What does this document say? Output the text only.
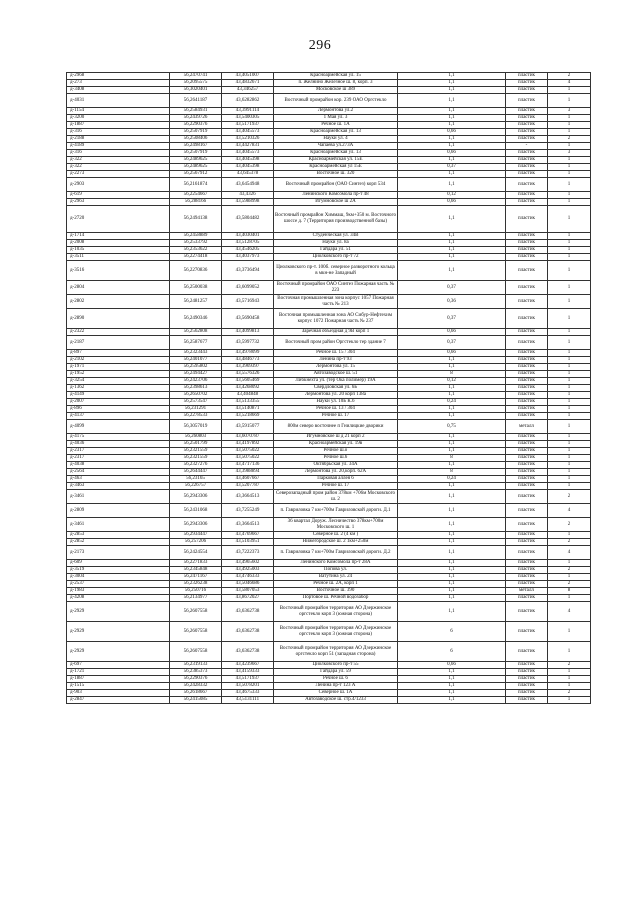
296
д-2968	56,2470741	43,4051007	Красноармейская ул. 15	1,1	пластик	2
д-273	56,2095575	43,4832671	п. Желнино Железное ш. 8, корп. 3	1,1	пластик	4
д-3408	56,3020401	43,346257	Московское ш 389	1,1	пластик	1
д-4031	56,2641187	43,6282862	Восточный промрайон кор. 239 ОАО Оргстекло	1,1	пластик	1
д-1154	56,2584931	43,3991114	Лермонтова ул.2	1,1	пластик	3
д-3200	56,2439726	43,5400305	1 Мая ул. 3	1,1	пластик	1
д-1887	56,2290376	43,5171937	Речное ш. 1А	1,1	пластик	1
д-316	56,2507919	43,4045573	Красноармейская ул. 13	0,66	пластик	1
д-2188	56,2508406	43,5210326	Науки ул. 4	1,1	пластик	2
д-4189	56,2498167	43,4427831	Чапаева ул.273А	1,1	-	1
д-316	56,2507919	43,4045573	Красноармейская ул. 13	0,66	пластик	3
д-322	56,2489625	43,4045398	Красноармейская ул. 15Е	1,1	пластик	1
д-322	56,2489625	43,4045398	Красноармейская ул 15Е	0,37	пластик	1
д-2273	56,2567912	43,645378	Восточное ш. 320	1,1	пластик	1
д-2903	56,2161874	43,6454948	Восточный промрайон (ОАО Синтез) корп 534	1,1	пластик	1
д-619	56,2254667	43,4326	Ленинского Комсомола пр-т 48	0,12	пластик	1
д-2963	56,288166	43,5988998	Игумновское ш 2А	0,66	пластик	1
д-2720	56,2494138	43,5804482	Восточный промрайон Химмаш, 9км+350 м. Восточного шоссе д. 7 (Территория производственной базы)	1,1	пластик	1
д-1714	56,2458889	43,4030401	Студенческая ул. 34В	1,1	пластик	1
д-2008	56,2533792	43,5128705	Науки ул. 8а	1,1	пластик	1
д-1035	56,2353622	43,4546205	Гайдара ул. 51	1,1	пластик	1
д-3511	56,2274418	43,4037973	Циолковского пр-т 72	1,1	пластик	1
д-3516	56,2270836	43,3736494	Циолковского пр-т. 100б. северное разворотного кольца в мкн-не Западный	1,1	пластик	1
д-2804	56,2500038	43,6099052	Восточный промрайон ОАО Синтез Пожарная часть № 223	0,37	пластик	1
д-2802	56,2481257	43,5716943	Восточная промышленная зона корпус 1057 Пожарная часть № 213	0,36	пластик	1
д-2890	56,2490346	43,5690458	Восточная промышленная зона АО Сибур-Нефтехим корпус 1072 Пожарная часть № 237	0,37	пластик	1
д-2322	56,2562808	43,4099813	Заречная объездная д 9В корп 1	0,66	пластик	1
д-2187	56,2587677	43,5997732	Восточный пром район Оргстекло тер здание 7	0,37	пластик	1
д-897	56,2323443	43,4978099	Речное ш. 15 / 304	0,66	пластик	1
д-2102	56,2401077	43,4846773	Ленина пр-т 93	1,1	пластик	1
д-1971	56,2595802	43,3969397	Лермонтова ул. 15	1,1	пластик	1
д-1952	56,2494427	43,5576326	Автозаводское ш. 51	8	пластик	1
д-3254	56,2423706	43,5605469	Либкнехта ул. (тер Ока полимер) 19А	0,12	пластик	1
д-1362	56,2398613	43,4268092	Свердловская ул. 6Б	1,1	пластик	1
д-4149	56,2650702	43,404848	Лермонтова ул. 20 корп 138а	1,1	пластик	1
д-2007	56,2573547	43,5133355	Науки ул. 10Б К.6	0,24	пластик	1
д-896	56,231291	43,5140871	Речное ш. 13 / 304	1,1	пластик	1
д-4137	56,2278533	43,5218669	Речное ш. 17	1,1	пластик	1
д-4099	56,3057019	43,5915077	800м северо восточнее п Гнилицкие дворики	0,75	металл	1
д-4175	56,260803	43,6070787	Игумновское ш д 21 корп 2	1,1	пластик	1
д-4036	56,2501799	43,4197892	Красноармейская ул. 19в	1,1	пластик	1
д-2317	56,2321559	43,5075022	Речное ш.о	1,1	пластик	1
д-2317	56,2321559	43,5075022	Речное ш.6	8	пластик	1
д-4038	56,2327276	43,4717136	Октябрьская ул. 34А	1,1	пластик	1
д-2564	56,2644447	43,3988894	Лермонтова ул. 20,корп. 62А	8	пластик	1
д-463	56,23165	43,4607667	Парковая аллея 6	0,24	пластик	1
д-3463	56,226757	43,5207787	Речное ш. 17	1,1	пластик	1
д-3461	56,2943306	43,3664513	Северозападный пром район 378км +706м Московского ш. 2	1,1	пластик	2
д-2809	56,2431068	43,7255249	п. Гавриловка 7 км+700м Гавриловской дороги. Д.1	1,1	пластик	4
д-3461	56,2943306	43,3664513	36 квартал Доруж. Лесничество 378км+700м Московского ш. 1	1,1	пластик	2
д-2853	56,2934447	43,4769667	Северное ш. 2 (4 км )	1,1	пластик	1
д-2852	56,257206	43,5103951	Нижегородское ш. 2 1км+250м	1,1	пластик	2
д-2173	56,2424554	43,7222373	п. Гавриловка 7 км+700м Гавриловской дороги. Д.2	1,1	пластик	4
д-609	56,2271833	43,4965602	Ленинского Комсомола пр-т 28А	1,1	пластик	1
д-3519	56,2345848	43,4925003	Попова ул.	1,1	пластик	2
д-3004	56,2471167	43,4746333	Ватутина ул. 24	1,1	пластик	1
д-2537	56,2326238	43,5046686	Речное ш. 2А, корп 1	1,1	пластик	2
д-1983	56,250716	43,5807053	Восточное ш. 390	1,1	металл	8
д-4208	56,2134977	43,8672027	Портовое ш. Речной водозабор	1,1	пластик	1
д-2929	56,2607558	43,6362738	Восточный промрайон территория АО Дзержинское оргстекло корп 3 (южная сторона)	1,1	пластик	4
д-2929	56,2607558	43,6362738	Восточный промрайон территория АО Дзержинское оргстекло корп 3 (южная сторона)	6	пластик	1
д-2929	56,2607558	43,6362738	Восточный промрайон территория АО Дзержинское оргстекло корп 51 (западная сторона)	6	пластик	1
д-697	56,2319133	43,4239667	Циолковского пр-т 55	0,66	пластик	2
д-1721	56,2385373	43,4159333	Гайдара ул. 59	1,1	пластик	1
д-1887	56,2290376	43,5171937	Речное ш. 6	1,1	пластик	1
д-1515	56,2428332	43,5078201	Ленина пр-т 123 А	1,1	пластик	1
д-903	56,2618667	43,4675333	Северное ш. 1А	1,1	пластик	2
д-2847	56,2415085	43,5131111	Автозаводское ш. стр.4/1233	1,1	пластик	1
